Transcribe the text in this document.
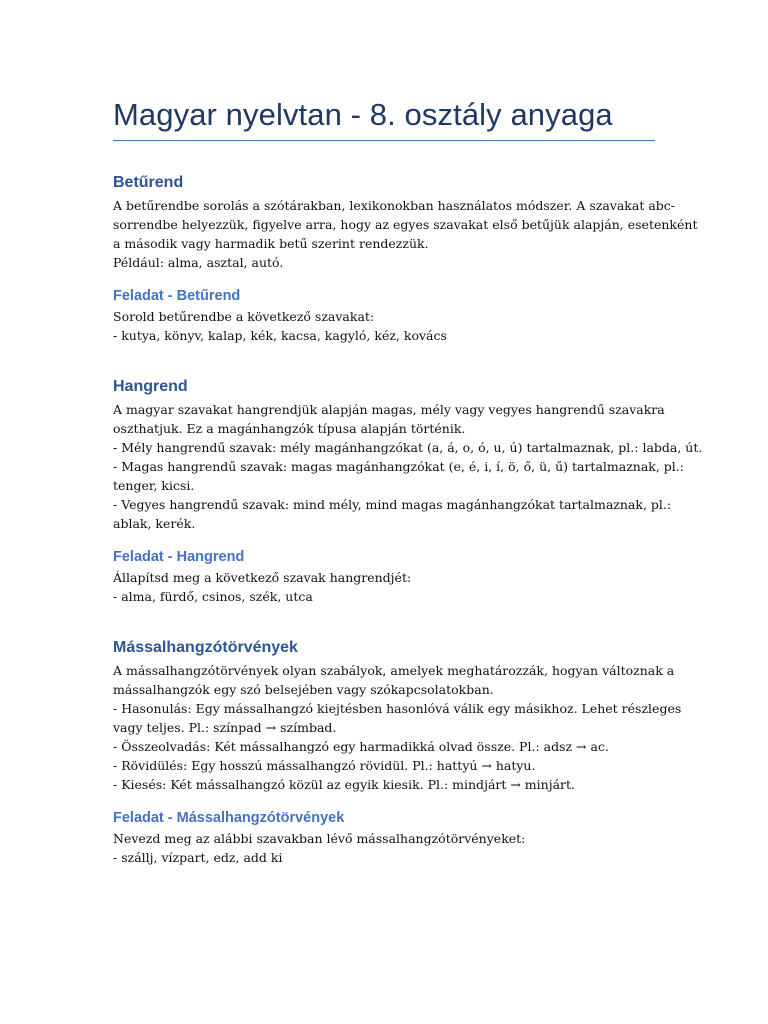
Magyar nyelvtan - 8. osztály anyaga
Betűrend

A betűrendbe sorolás a szótárakban, lexikonokban használatos módszer. A szavakat abc-
sorrendbe helyezzük, figyelve arra, hogy az egyes szavakat első betűjük alapján, esetenként
a második vagy harmadik betű szerint rendezzük.
Például: alma, asztal, autó.

Feladat - Betűrend

Sorold betűrendbe a következő szavakat:
- kutya, könyv, kalap, kék, kacsa, kagyló, kéz, kovács

Hangrend

A magyar szavakat hangrendjük alapján magas, mély vagy vegyes hangrendű szavakra
oszthatjuk. Ez a magánhangzók típusa alapján történik.
- Mély hangrendű szavak: mély magánhangzókat (a, á, o, ó, u, ú) tartalmaznak, pl.: labda, út.
- Magas hangrendű szavak: magas magánhangzókat (e, é, i, í, ö, ő, ü, ű) tartalmaznak, pl.:
tenger, kicsi.
- Vegyes hangrendű szavak: mind mély, mind magas magánhangzókat tartalmaznak, pl.:
ablak, kerék.

Feladat - Hangrend

Állapítsd meg a következő szavak hangrendjét:
- alma, fürdő, csinos, szék, utca

Mássalhangzótörvények

A mássalhangzótörvények olyan szabályok, amelyek meghatározzák, hogyan változnak a
mássalhangzók egy szó belsejében vagy szókapcsolatokban.
- Hasonulás: Egy mássalhangzó kiejtésben hasonlóvá válik egy másikhoz. Lehet részleges
vagy teljes. Pl.: színpad → szímbad.
- Összeolvadás: Két mássalhangzó egy harmadikká olvad össze. Pl.: adsz → ac.
- Rövidülés: Egy hosszú mássalhangzó rövidül. Pl.: hattyú → hatyu.
- Kiesés: Két mássalhangzó közül az egyik kiesik. Pl.: mindjárt → minjárt.

Feladat - Mássalhangzótörvények

Nevezd meg az alábbi szavakban lévő mássalhangzótörvényeket:
- szállj, vízpart, edz, add ki
